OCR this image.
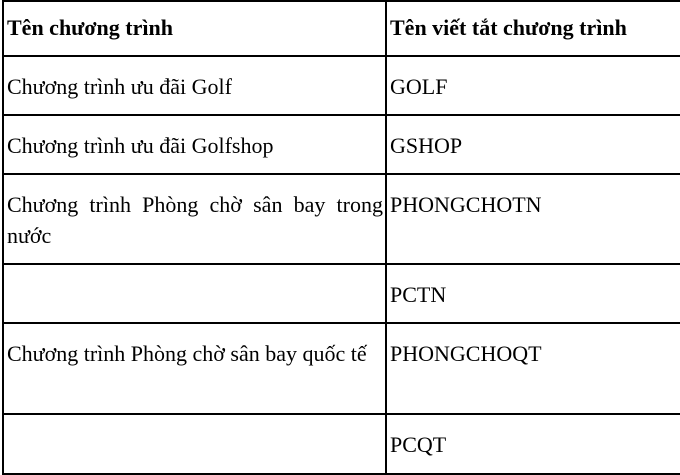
Tên chương trình	Tên viết tắt chương trình

Chương trình ưu đãi Golf	GOLF

Chương trình ưu đãi Golfshop	GSHOP

Chương trình Phòng chờ sân bay trong nước	PHONGCHOTN

	PCTN

Chương trình Phòng chờ sân bay quốc tế	PHONGCHOQT

	PCQT
